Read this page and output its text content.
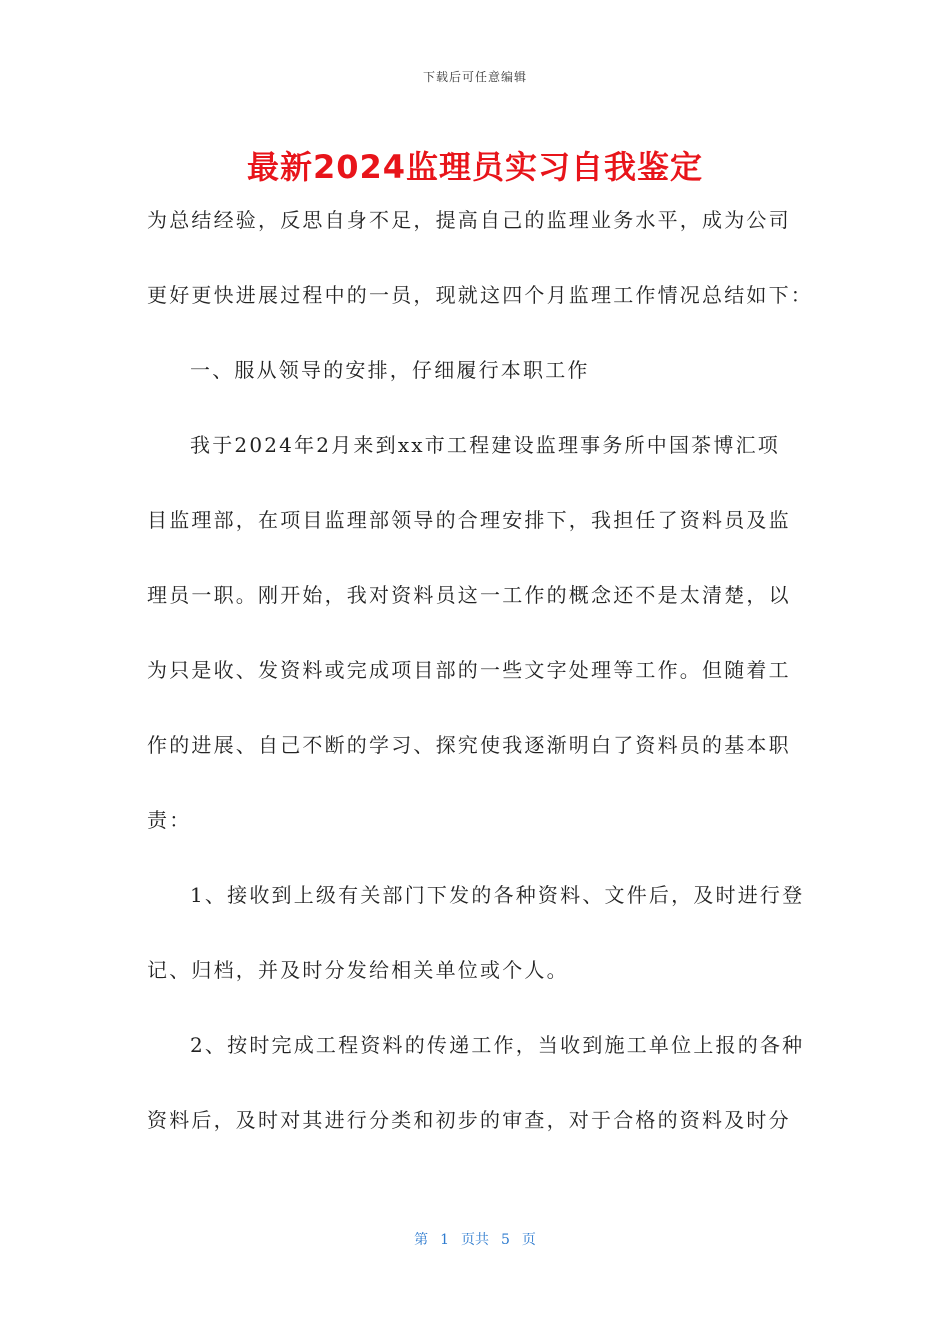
下载后可任意编辑
最新2024监理员实习自我鉴定
为总结经验，反思自身不足，提高自己的监理业务水平，成为公司
更好更快进展过程中的一员，现就这四个月监理工作情况总结如下：
一、服从领导的安排，仔细履行本职工作
我于2024年2月来到xx市工程建设监理事务所中国茶博汇项
目监理部，在项目监理部领导的合理安排下，我担任了资料员及监
理员一职。刚开始，我对资料员这一工作的概念还不是太清楚，以
为只是收、发资料或完成项目部的一些文字处理等工作。但随着工
作的进展、自己不断的学习、探究使我逐渐明白了资料员的基本职
责：
1、接收到上级有关部门下发的各种资料、文件后，及时进行登
记、归档，并及时分发给相关单位或个人。
2、按时完成工程资料的传递工作，当收到施工单位上报的各种
资料后，及时对其进行分类和初步的审查，对于合格的资料及时分
第 1 页共 5 页
